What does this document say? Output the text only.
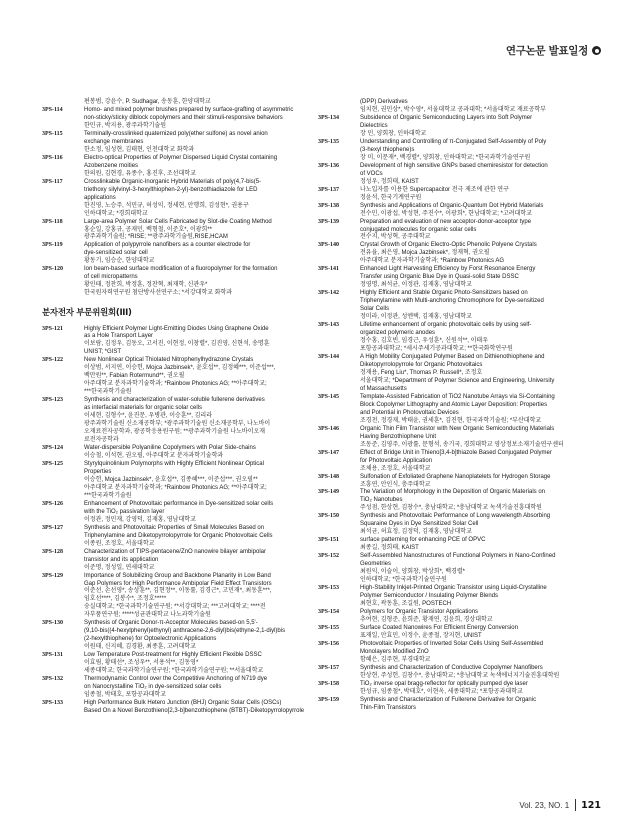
연구논문 발표일정
편봉범, 강윤수, P. Sudhagar, 송동훈, 한양대학교
3PS-114	Homo- and mixed polymer brushes prepared by surface-grafting of asymmetric
non-sticky/sticky diblock copolymers and their stimuli-responsive behaviors
한민규, 박지용, 광주과학기술원
3PS-115	Terminally-crosslinked quaternized poly(ether sulfone) as novel anion
exchange membranes
한소정, 임성현, 김태현, 인천대학교 화학과
3PS-116	Electro-optical Properties of Polymer Dispersed Liquid Crystal containing
Azobenzene moities
한의원, 김현경, 유종수, 홍진후, 조선대학교
3PS-117	Crosslinkable Organic-Inorganic Hybrid Materials of poly(4,7-bis(5-
triethoxy silylvinyl-3-hexylthiophen-2-yl)-benzothiadiazole for LED
applications
한진영, 노승주, 석민규, 허성익, 정세현, 안행희, 김성현*, 권용구
인하대학교; *경희대학교
3PS-118	Large-area Polymer Solar Cells Fabricated by Slot-die Coating Method
홍순일, 강홍규, 공재민, 백형철, 이준호*, 이광희**
광주과학기술원; *RISE; **광주과학기술원,RISE,HCAM
3PS-119	Application of polypyrrole nanofibers as a counter electrode for
dye-sensitized solar cell
황동기, 임승순, 한양대학교
3PS-120	Ion beam-based surface modification of a fluoropolymer for the formation
of cell micropatterns
황인태, 정찬희, 박정훈, 정찬혁, 최재학, 신관우*
한국원자력연구원 첨단방사선연구소; *서강대학교 화학과
분자전자 부문위원회(III)
3PS-121	Highly Efficient Polymer Light-Emitting Diodes Using Graphene Oxide
as a Hole Transport Layer
이보람, 김정우, 김동오, 고서진, 이현정, 이창렬*, 김진영, 신현석, 송명훈
UNIST; *GIST
3PS-122	New Nonlinear Optical Thiolated Nitrophenylhydrazone Crystals
이상범, 서지연, 이승헌, Mojca Jazbinsek*, 윤호섭**, 김정혜***, 이준섭***,
백만원**, Fabian Rotermund**, 권오필
아주대학교 분자과학기술학과; *Rainbow Photonics AG; **아주대학교;
***한국과학기술원
3PS-123	Synthesis and characterization of water-soluble fullerene derivatives
as interfacial materials for organic solar cells
이세현, 김형수*, 윤진문, 우병관, 이승훈**, 김리라
광주과학기술원 신소재공학부; *광주과학기술원 신소재공학부, 나노바이
오재료전자공학과, 광공학응용원구원; **광주과학기술원 나노바이오재
료전자공학과
3PS-124	Water-dispersible Polyaniline Copolymers with Polar Side-chains
이승철, 이석현, 권오필, 아주대학교 분자과학기술학과
3PS-125	Styrylquinolinium Polymorphs with Highly Efficient Nonlinear Optical
Properties
이승헌, Mojca Jazbinsek*, 윤호섭**, 김종혜***, 이준섭***, 권오필**
아주대학교 분자과학기술학과; *Rainbow Photonics AG; **아주대학교;
***한국과학기술원
3PS-126	Enhancement of Photovoltaic performance in Dye-sensitized solar cells
with the TiO₂ passivation layer
이정관, 정민재, 강영덕, 김재홍, 영남대학교
3PS-127	Synthesis and Photovoltaic Properties of Small Molecules Based on
Triphenylamine and Diketopyrrolopyrrole for Organic Photovoltaic Cells
이종원, 조정호, 서울대학교
3PS-128	Characterization of TIPS-pentacene/ZnO nanowire bilayer ambipolar
transistor and its application
이준명, 정성일, 연세대학교
3PS-129	Importance of Solubilizing Group and Backbone Planarity in Low Band
Gap Polymers for High Performance Ambipolar Field Effect Transistors
이준선, 손선영*, 송상훈**, 김현정**, 이동률, 김경근*, 고민재*, 최동훈***,
임호선****, 김봉수*, 조정호*****
숭실대학교; *한국과학기술연구원; **서강대학교; ***고려대학교; ****전
자부품연구원; *****성균관대학교 나노과학기술원
3PS-130	Synthesis of Organic Donor-π-Acceptor Molecules based-on 5,5'-
(9,10-bis((4-hexylphenyl)ethynyl) anthracene-2,6-diyl)bis(ethyne-2,1-diyl)bis
(2-hexylthiophene) for Optoelectronic Applications
이원태, 신지혜, 김경환, 최종훈, 고려대학교
3PS-131	Low Temperature Post-treatment for Highly Efficient Flexible DSSC
이효림, 황태선*, 조성우**, 서용석**, 김동영*
세종대학교; 한국과학기술연구원; *한국과학기술연구원; **서울대학교
3PS-132	Thermodynamic Control over the Competitive Anchoring of N719 dye
on Nanocrystalline TiO₂ in dye-sensitized solar cells
임종철, 박태호, 포항공과대학교
3PS-133	High Performance Bulk Hetero Junction (BHJ) Organic Solar Cells (OSCs)
Based On a Novel Benzothieno[2,3-b]benzothiophene (BTBT)-Diketopyrrolopyrrole
(DPP) Derivatives
임치현, 권민상*, 박수영*, 서울대학교 공과대학; *서울대학교 재료공학부
3PS-134	Subsidence of Organic Semiconducting Layers into Soft Polymer
Dielectrics
장 민, 양회창, 인하대학교
3PS-135	Understanding and Controlling of π-Conjugated Self-Assembly of Poly
(3-hexyl thiophene)s
장 미, 이문재*, 백경렬*, 양회창, 인하대학교; *한국과학기술연구원
3PS-136	Development of high sensitive GNPs based chemiresistor for detection
of VOCs
정성우, 정희태, KAIST
3PS-137	나노입자를 이용한 Supercapacitor 전극 제조에 관한 연구
정윤석, 한국기계연구원
3PS-138	Synthesis and Applications of Organic-Quantum Dot Hybrid Materials
전수민, 이광섭, 박성현, 주진수*, 이광희*, 한남대학교; *고려대학교
3PS-139	Preparation and evaluation of new acceptor-donor-acceptor type
conjugated molecules for organic solar cells
전수지, 박성혁, 공주대학교
3PS-140	Crystal Growth of Organic Electro-Optic Phenolic Polyene Crystals
전유율, 최은영, Mojca Jazbinsek*, 정재혁, 권오필
아주대학교 분자과학기술학과; *Rainbow Photonics AG
3PS-141	Enhanced Light Harvesting Efficiency by Forst Resonance Energy
Transfer using Organic Blue Dye in Quasi-solid State DSSC
정영명, 최석균, 이정관, 김재홍, 영남대학교
3PS-142	Highly Efficient and Stable Organic Photo-Sensitizers based on
Triphenylamine with Multi-anchoring Chromophore for Dye-sensitized
Solar Cells
정미라, 이정관, 성엔택, 김재홍, 영남대학교
3PS-143	Lifetime enhancement of organic photovoltaic cells by using self-
organized polymeric anodes
정수홍, 김호빈, 임경근, 우성훈*, 신원석**, 이태우
포항공과대학교; *세시주세기공과대학교; **한국화학연구원
3PS-144	A High Mobility Conjugated Polymer Based on Dithienothiophene and
Diketopyrrolopyrrole for Organic Photovoltaics
정재용, Feng Liu*, Thomas P. Russell*, 조정호
서울대학교; *Department of Polymer Science and Engineering, University
of Massachusetts
3PS-145	Template-Assisted Fabrication of TiO2 Nanotube Arrays via Si-Containing
Block Copolymer Lithography and Atomic Layer Deposition: Properties
and Potential in Photovoltaic Devices
조경천, 정경재, 박태윤, 권세훈*, 김진현, 한국과학기술원; *부산대학교
3PS-146	Organic Thin Film Transistor with New Organic Semiconducting Materials
Having Benzothiophene Unit
조동준, 김영주, 이광률, 문형석, 송기국, 경희대학교 영상정보소재기술연구센터
3PS-147	Effect of Bridge Unit in Thieno[3,4-b]thiazole Based Conjugated Polymer
for Photovoltaic Application
조체용, 조정호, 서울대학교
3PS-148	Sulfonation of Exfoliated Graphene Nanoplatelets for Hydrogen Storage
조흥연, 안인식, 충주대학교
3PS-149	The Variation of Morphology in the Deposition of Organic Materials on
TiO₂ Nanotubes
주성점, 한상현, 김창수*, 충남대학교; *충남대학교 녹색기술진흥대학원
3PS-150	Synthesis and Photovoltaic Performance of Long wavelength Absorbing
Squaraine Dyes in Dye Sensitized Solar Cell
최석균, 허효정, 김정덕, 김재홍, 영남대학교
3PS-151	surface patterning for enhancing PCE of OPVC
최종길, 정희태, KAIST
3PS-152	Self-Assembled Nanostructures of Functional Polymers in Nano-Confined
Geometries
최원익, 이슬이, 양회창, 박상희*, 백경렬*
인하대학교; *한국과학기술연구원
3PS-153	High-Stability Inkjet-Printed Organic Transistor using Liquid-Crystalline
Polymer Semiconductor / Insulating Polymer Blends
최현호, 곽동훈, 조길원, POSTECH
3PS-154	Polymers for Organic Transistor Applications
추여현, 김형준, 윤희준, 황재연, 김윤희, 경상대학교
3PS-155	Surface Coated Nanowires For Efficient Energy Conversion
표재일, 안효민, 이정수, 윤종철, 장지현, UNIST
3PS-156	Photovoltaic Properties of Inverted Solar Cells Using Self-Assembled
Monolayers Modified ZnO
함혜은, 김주현, 부경대학교
3PS-157	Synthesis and Characterization of Conductive Copolymer Nanofibers
한상현, 주성헌, 김창수*, 충남대학교; *충남대학교 녹색에너지기술진흥대학원
3PS-158	TiO₂ inverse opal bragg-reflector for optically pumped dye laser
한성규, 임종철*, 박태호*, 이현옥, 세종대학교; *포항공과대학교
3PS-159	Synthesis and Characterization of Fullerene Derivative for Organic
Thin-Film Transistors
Vol. 23, NO. 1 121
